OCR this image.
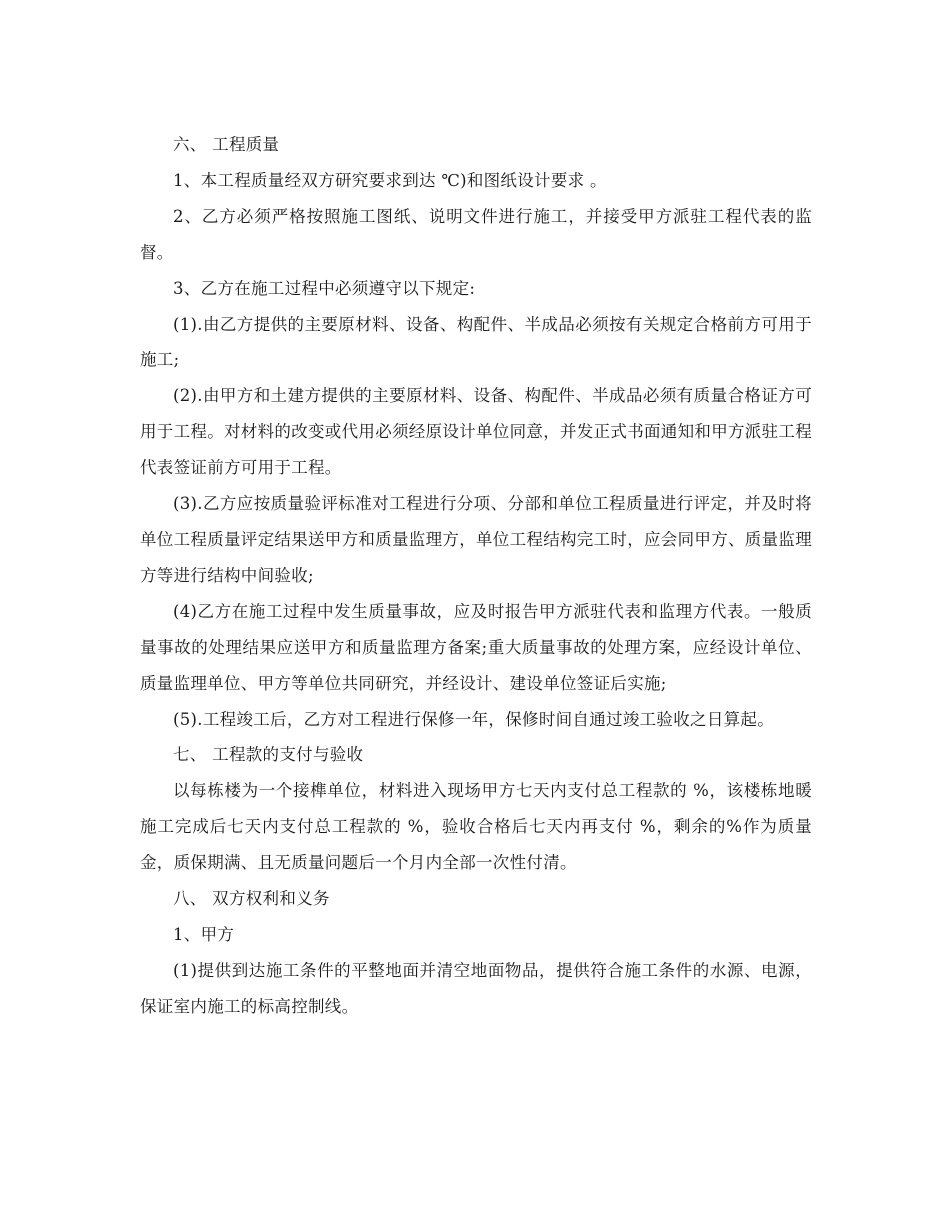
六、 工程质量

1、本工程质量经双方研究要求到达 ℃)和图纸设计要求 。

2、乙方必须严格按照施工图纸、说明文件进行施工，并接受甲方派驻工程代表的监督。

3、乙方在施工过程中必须遵守以下规定:

(1).由乙方提供的主要原材料、设备、构配件、半成品必须按有关规定合格前方可用于施工;

(2).由甲方和土建方提供的主要原材料、设备、构配件、半成品必须有质量合格证方可用于工程。对材料的改变或代用必须经原设计单位同意，并发正式书面通知和甲方派驻工程代表签证前方可用于工程。

(3).乙方应按质量验评标准对工程进行分项、分部和单位工程质量进行评定，并及时将单位工程质量评定结果送甲方和质量监理方，单位工程结构完工时，应会同甲方、质量监理方等进行结构中间验收;

(4)乙方在施工过程中发生质量事故，应及时报告甲方派驻代表和监理方代表。一般质量事故的处理结果应送甲方和质量监理方备案;重大质量事故的处理方案，应经设计单位、质量监理单位、甲方等单位共同研究，并经设计、建设单位签证后实施;

(5).工程竣工后，乙方对工程进行保修一年，保修时间自通过竣工验收之日算起。

七、 工程款的支付与验收

以每栋楼为一个接榫单位，材料进入现场甲方七天内支付总工程款的 %，该楼栋地暖施工完成后七天内支付总工程款的 %，验收合格后七天内再支付 %，剩余的%作为质量金，质保期满、且无质量问题后一个月内全部一次性付清。

八、 双方权利和义务

1、甲方

(1)提供到达施工条件的平整地面并清空地面物品，提供符合施工条件的水源、电源，保证室内施工的标高控制线。
